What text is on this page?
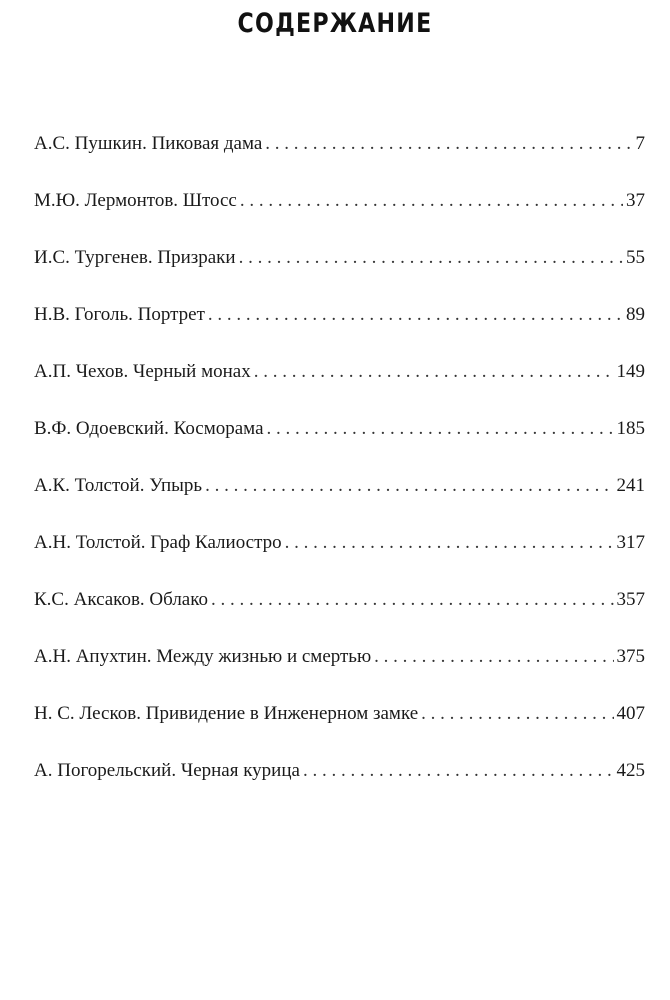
СОДЕРЖАНИЕ
А.С. Пушкин. Пиковая дама . . .	7
М.Ю. Лермонтов. Штосс . . .	37
И.С. Тургенев. Призраки . . .	55
Н.В. Гоголь. Портрет . . .	89
А.П. Чехов. Черный монах . . .	149
В.Ф. Одоевский. Косморама . . .	185
А.К. Толстой. Упырь . . .	241
А.Н. Толстой. Граф Калиостро . . .	317
К.С. Аксаков. Облако . . .	357
А.Н. Апухтин. Между жизнью и смертью . . .	375
Н. С. Лесков. Привидение в Инженерном замке . . .	407
А. Погорельский. Черная курица . . .	425
